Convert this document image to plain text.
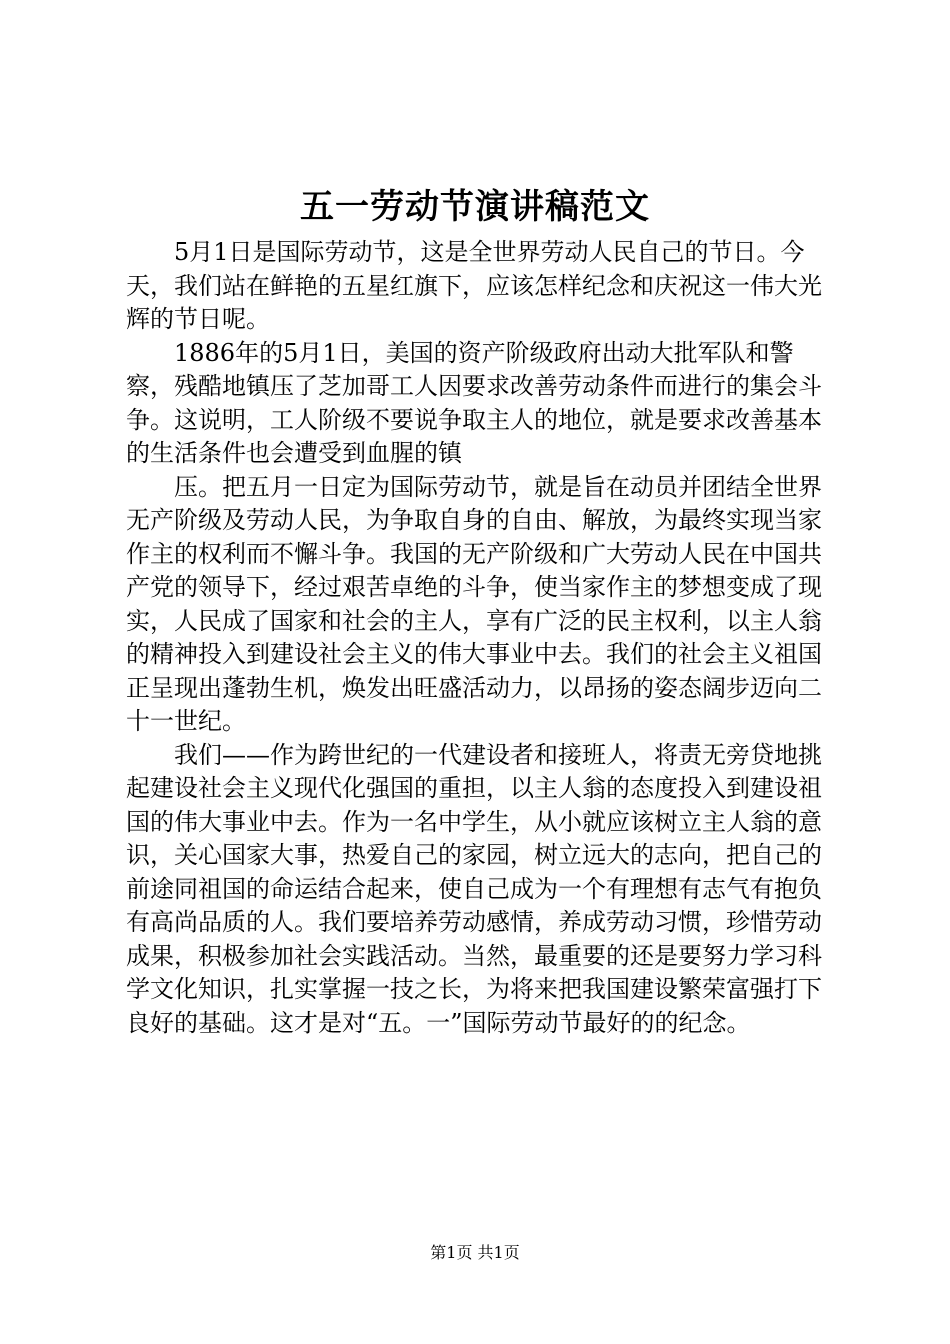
五一劳动节演讲稿范文

5月1日是国际劳动节，这是全世界劳动人民自己的节日。今天，我们站在鲜艳的五星红旗下，应该怎样纪念和庆祝这一伟大光辉的节日呢。

1886年的5月1日，美国的资产阶级政府出动大批军队和警察，残酷地镇压了芝加哥工人因要求改善劳动条件而进行的集会斗争。这说明，工人阶级不要说争取主人的地位，就是要求改善基本的生活条件也会遭受到血腥的镇

压。把五月一日定为国际劳动节，就是旨在动员并团结全世界无产阶级及劳动人民，为争取自身的自由、解放，为最终实现当家作主的权利而不懈斗争。我国的无产阶级和广大劳动人民在中国共产党的领导下，经过艰苦卓绝的斗争，使当家作主的梦想变成了现实，人民成了国家和社会的主人，享有广泛的民主权利，以主人翁的精神投入到建设社会主义的伟大事业中去。我们的社会主义祖国正呈现出蓬勃生机，焕发出旺盛活动力，以昂扬的姿态阔步迈向二十一世纪。

我们——作为跨世纪的一代建设者和接班人，将责无旁贷地挑起建设社会主义现代化强国的重担，以主人翁的态度投入到建设祖国的伟大事业中去。作为一名中学生，从小就应该树立主人翁的意识，关心国家大事，热爱自己的家园，树立远大的志向，把自己的前途同祖国的命运结合起来，使自己成为一个有理想有志气有抱负有高尚品质的人。我们要培养劳动感情，养成劳动习惯，珍惜劳动成果，积极参加社会实践活动。当然，最重要的还是要努力学习科学文化知识，扎实掌握一技之长，为将来把我国建设繁荣富强打下良好的基础。这才是对“五。一”国际劳动节最好的的纪念。

第1页 共1页
